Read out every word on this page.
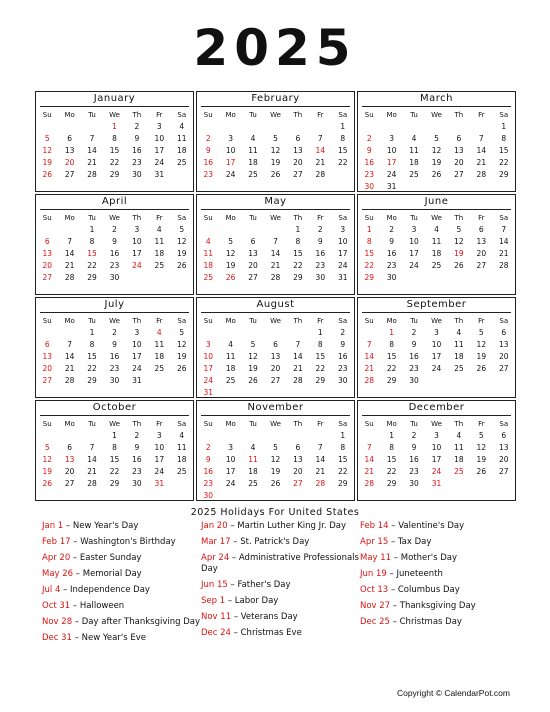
2025
January
Su	Mo	Tu	We	Th	Fr	Sa
			1	2	3	4
5	6	7	8	9	10	11
12	13	14	15	16	17	18
19	20	21	22	23	24	25
26	27	28	29	30	31	
February
Su	Mo	Tu	We	Th	Fr	Sa
						1
2	3	4	5	6	7	8
9	10	11	12	13	14	15
16	17	18	19	20	21	22
23	24	25	26	27	28	
March
Su	Mo	Tu	We	Th	Fr	Sa
						1
2	3	4	5	6	7	8
9	10	11	12	13	14	15
16	17	18	19	20	21	22
23	24	25	26	27	28	29
30	31					
April
Su	Mo	Tu	We	Th	Fr	Sa
		1	2	3	4	5
6	7	8	9	10	11	12
13	14	15	16	17	18	19
20	21	22	23	24	25	26
27	28	29	30			
May
Su	Mo	Tu	We	Th	Fr	Sa
				1	2	3
4	5	6	7	8	9	10
11	12	13	14	15	16	17
18	19	20	21	22	23	24
25	26	27	28	29	30	31
June
Su	Mo	Tu	We	Th	Fr	Sa
1	2	3	4	5	6	7
8	9	10	11	12	13	14
15	16	17	18	19	20	21
22	23	24	25	26	27	28
29	30					
July
Su	Mo	Tu	We	Th	Fr	Sa
		1	2	3	4	5
6	7	8	9	10	11	12
13	14	15	16	17	18	19
20	21	22	23	24	25	26
27	28	29	30	31		
August
Su	Mo	Tu	We	Th	Fr	Sa
					1	2
3	4	5	6	7	8	9
10	11	12	13	14	15	16
17	18	19	20	21	22	23
24	25	26	27	28	29	30
31						
September
Su	Mo	Tu	We	Th	Fr	Sa
	1	2	3	4	5	6
7	8	9	10	11	12	13
14	15	16	17	18	19	20
21	22	23	24	25	26	27
28	29	30				
October
Su	Mo	Tu	We	Th	Fr	Sa
			1	2	3	4
5	6	7	8	9	10	11
12	13	14	15	16	17	18
19	20	21	22	23	24	25
26	27	28	29	30	31	
November
Su	Mo	Tu	We	Th	Fr	Sa
						1
2	3	4	5	6	7	8
9	10	11	12	13	14	15
16	17	18	19	20	21	22
23	24	25	26	27	28	29
30						
December
Su	Mo	Tu	We	Th	Fr	Sa
	1	2	3	4	5	6
7	8	9	10	11	12	13
14	15	16	17	18	19	20
21	22	23	24	25	26	27
28	29	30	31			
2025 Holidays For United States
Jan 1 – New Year's Day
Feb 17 – Washington's Birthday
Apr 20 – Easter Sunday
May 26 – Memorial Day
Jul 4 – Independence Day
Oct 31 – Halloween
Nov 28 – Day after Thanksgiving Day
Dec 31 – New Year's Eve
Jan 20 – Martin Luther King Jr. Day
Mar 17 – St. Patrick's Day
Apr 24 – Administrative Professionals Day
Jun 15 – Father's Day
Sep 1 – Labor Day
Nov 11 – Veterans Day
Dec 24 – Christmas Eve
Feb 14 – Valentine's Day
Apr 15 – Tax Day
May 11 – Mother's Day
Jun 19 – Juneteenth
Oct 13 – Columbus Day
Nov 27 – Thanksgiving Day
Dec 25 – Christmas Day
Copyright © CalendarPot.com
